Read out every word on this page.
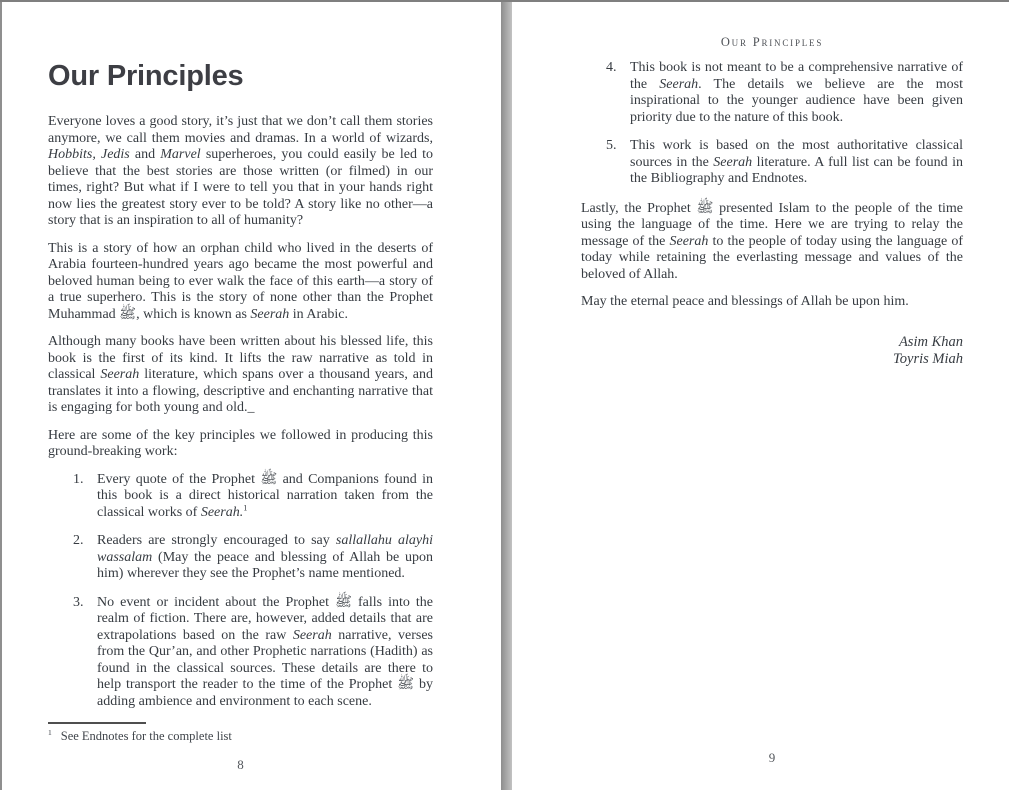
Our Principles

Everyone loves a good story, it’s just that we don’t call them stories anymore, we call them movies and dramas. In a world of wizards, Hobbits, Jedis and Marvel superheroes, you could easily be led to believe that the best stories are those written (or filmed) in our times, right? But what if I were to tell you that in your hands right now lies the greatest story ever to be told? A story like no other—a story that is an inspiration to all of humanity?

This is a story of how an orphan child who lived in the deserts of Arabia fourteen-hundred years ago became the most powerful and beloved human being to ever walk the face of this earth—a story of a true superhero. This is the story of none other than the Prophet Muhammad ﷺ, which is known as Seerah in Arabic.

Although many books have been written about his blessed life, this book is the first of its kind. It lifts the raw narrative as told in classical Seerah literature, which spans over a thousand years, and translates it into a flowing, descriptive and enchanting narrative that is engaging for both young and old._

Here are some of the key principles we followed in producing this ground-breaking work:

1. Every quote of the Prophet ﷺ and Companions found in this book is a direct historical narration taken from the classical works of Seerah.$^1$
2. Readers are strongly encouraged to say sallallahu alayhi wassalam (May the peace and blessing of Allah be upon him) wherever they see the Prophet’s name mentioned.
3. No event or incident about the Prophet ﷺ falls into the realm of fiction. There are, however, added details that are extrapolations based on the raw Seerah narrative, verses from the Qur’an, and other Prophetic narrations (Hadith) as found in the classical sources. These details are there to help transport the reader to the time of the Prophet ﷺ by adding ambience and environment to each scene.
$^1$ See Endnotes for the complete list
8
Our Principles
4. This book is not meant to be a comprehensive narrative of the Seerah. The details we believe are the most inspirational to the younger audience have been given priority due to the nature of this book.
5. This work is based on the most authoritative classical sources in the Seerah literature. A full list can be found in the Bibliography and Endnotes.

Lastly, the Prophet ﷺ presented Islam to the people of the time using the language of the time. Here we are trying to relay the message of the Seerah to the people of today using the language of today while retaining the everlasting message and values of the beloved of Allah.

May the eternal peace and blessings of Allah be upon him.

Asim Khan
Toyris Miah
9
